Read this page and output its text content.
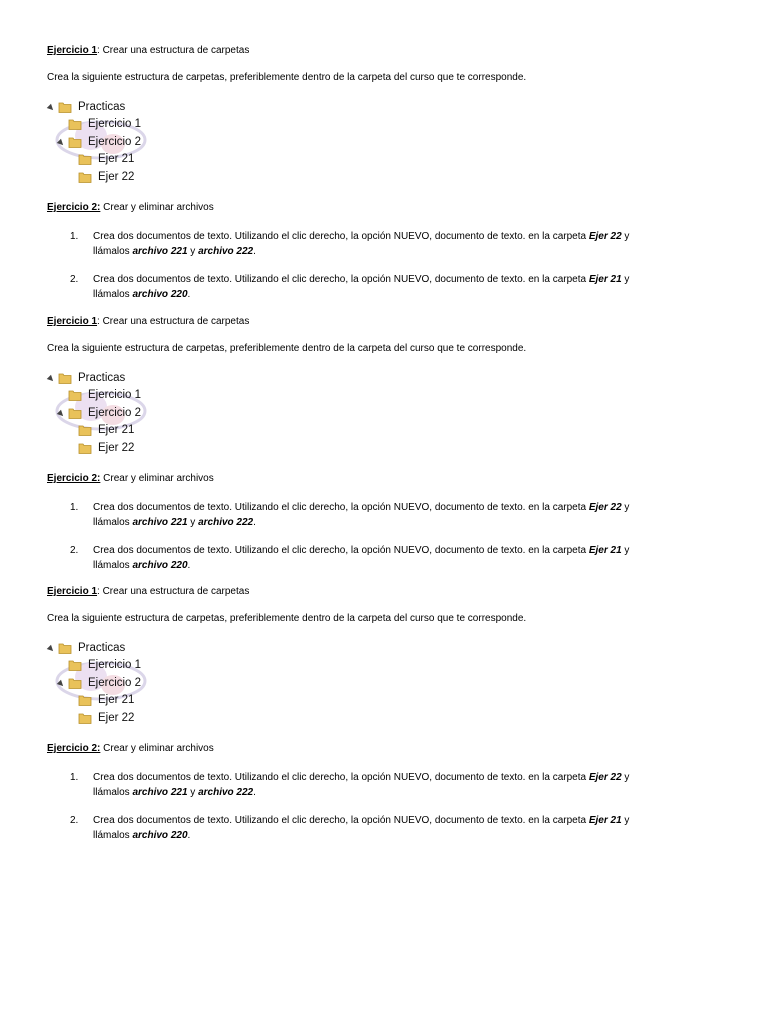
Ejercicio 1: Crear una estructura de carpetas
Crea la siguiente estructura de carpetas, preferiblemente dentro de la carpeta del curso que te corresponde.
Practicas
Ejercicio 1
Ejercicio 2
Ejer 21
Ejer 22
Ejercicio 2: Crear y eliminar archivos
1. Crea dos documentos de texto. Utilizando el clic derecho, la opción NUEVO, documento de texto. en la carpeta Ejer 22 y
llámalos archivo 221 y archivo 222.
2. Crea dos documentos de texto. Utilizando el clic derecho, la opción NUEVO, documento de texto. en la carpeta Ejer 21 y
llámalos archivo 220.
Ejercicio 1: Crear una estructura de carpetas
Crea la siguiente estructura de carpetas, preferiblemente dentro de la carpeta del curso que te corresponde.
Practicas
Ejercicio 1
Ejercicio 2
Ejer 21
Ejer 22
Ejercicio 2: Crear y eliminar archivos
1. Crea dos documentos de texto. Utilizando el clic derecho, la opción NUEVO, documento de texto. en la carpeta Ejer 22 y
llámalos archivo 221 y archivo 222.
2. Crea dos documentos de texto. Utilizando el clic derecho, la opción NUEVO, documento de texto. en la carpeta Ejer 21 y
llámalos archivo 220.
Ejercicio 1: Crear una estructura de carpetas
Crea la siguiente estructura de carpetas, preferiblemente dentro de la carpeta del curso que te corresponde.
Practicas
Ejercicio 1
Ejercicio 2
Ejer 21
Ejer 22
Ejercicio 2: Crear y eliminar archivos
1. Crea dos documentos de texto. Utilizando el clic derecho, la opción NUEVO, documento de texto. en la carpeta Ejer 22 y
llámalos archivo 221 y archivo 222.
2. Crea dos documentos de texto. Utilizando el clic derecho, la opción NUEVO, documento de texto. en la carpeta Ejer 21 y
llámalos archivo 220.
